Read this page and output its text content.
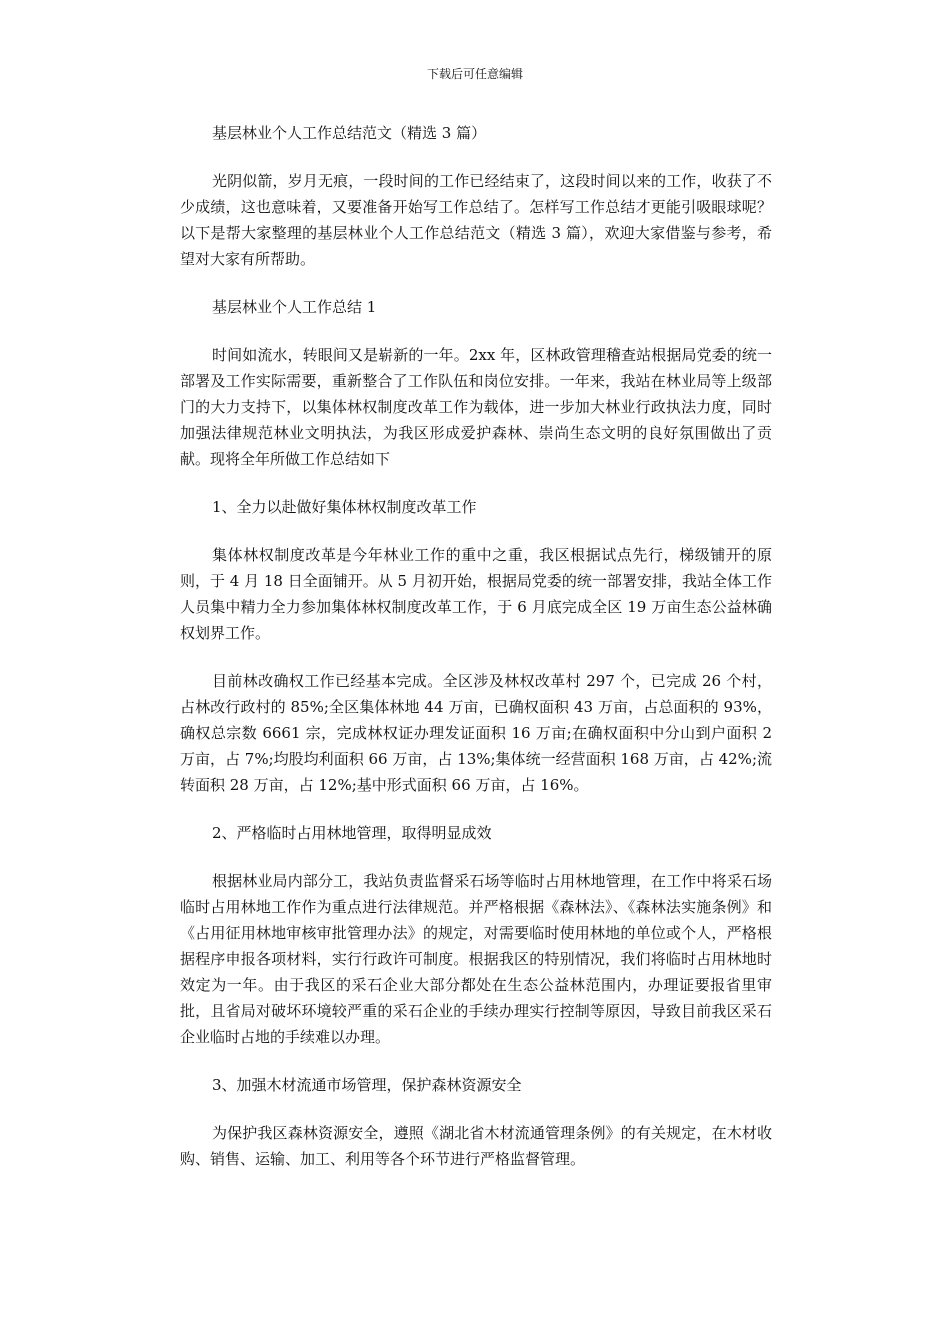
下载后可任意编辑
基层林业个人工作总结范文（精选 3 篇）

光阴似箭，岁月无痕，一段时间的工作已经结束了，这段时间以来的工作，收获了不少成绩，这也意味着，又要准备开始写工作总结了。怎样写工作总结才更能引吸眼球呢？以下是帮大家整理的基层林业个人工作总结范文（精选 3 篇），欢迎大家借鉴与参考，希望对大家有所帮助。

基层林业个人工作总结 1

时间如流水，转眼间又是崭新的一年。2xx 年，区林政管理稽查站根据局党委的统一部署及工作实际需要，重新整合了工作队伍和岗位安排。一年来，我站在林业局等上级部门的大力支持下，以集体林权制度改革工作为载体，进一步加大林业行政执法力度，同时加强法律规范林业文明执法，为我区形成爱护森林、崇尚生态文明的良好氛围做出了贡献。现将全年所做工作总结如下

1、全力以赴做好集体林权制度改革工作

集体林权制度改革是今年林业工作的重中之重，我区根据试点先行，梯级铺开的原则，于 4 月 18 日全面铺开。从 5 月初开始，根据局党委的统一部署安排，我站全体工作人员集中精力全力参加集体林权制度改革工作，于 6 月底完成全区 19 万亩生态公益林确权划界工作。

目前林改确权工作已经基本完成。全区涉及林权改革村 297 个，已完成 26 个村，占林改行政村的 85%;全区集体林地 44 万亩，已确权面积 43 万亩，占总面积的 93%，确权总宗数 6661 宗，完成林权证办理发证面积 16 万亩;在确权面积中分山到户面积 2 万亩，占 7%;均股均利面积 66 万亩，占 13%;集体统一经营面积 168 万亩，占 42%;流转面积 28 万亩，占 12%;基中形式面积 66 万亩，占 16%。

2、严格临时占用林地管理，取得明显成效

根据林业局内部分工，我站负责监督采石场等临时占用林地管理，在工作中将采石场临时占用林地工作作为重点进行法律规范。并严格根据《森林法》、《森林法实施条例》和《占用征用林地审核审批管理办法》的规定，对需要临时使用林地的单位或个人，严格根据程序申报各项材料，实行行政许可制度。根据我区的特别情况，我们将临时占用林地时效定为一年。由于我区的采石企业大部分都处在生态公益林范围内，办理证要报省里审批，且省局对破坏环境较严重的采石企业的手续办理实行控制等原因，导致目前我区采石企业临时占地的手续难以办理。

3、加强木材流通市场管理，保护森林资源安全

为保护我区森林资源安全，遵照《湖北省木材流通管理条例》的有关规定，在木材收购、销售、运输、加工、利用等各个环节进行严格监督管理。
